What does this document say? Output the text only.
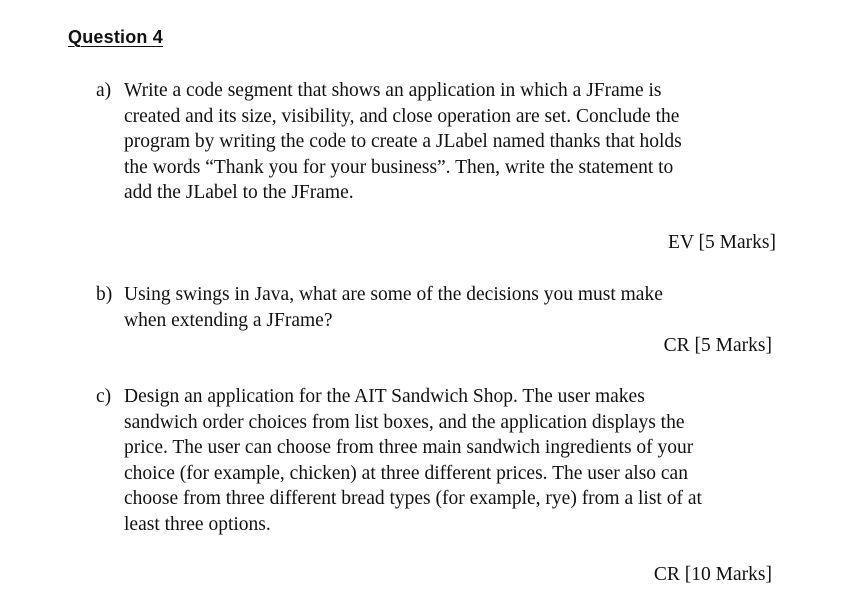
Question 4
a) Write a code segment that shows an application in which a JFrame is
created and its size, visibility, and close operation are set. Conclude the
program by writing the code to create a JLabel named thanks that holds
the words “Thank you for your business”. Then, write the statement to
add the JLabel to the JFrame.
EV [5 Marks]
b) Using swings in Java, what are some of the decisions you must make
when extending a JFrame?
CR [5 Marks]
c) Design an application for the AIT Sandwich Shop. The user makes
sandwich order choices from list boxes, and the application displays the
price. The user can choose from three main sandwich ingredients of your
choice (for example, chicken) at three different prices. The user also can
choose from three different bread types (for example, rye) from a list of at
least three options.
CR [10 Marks]
